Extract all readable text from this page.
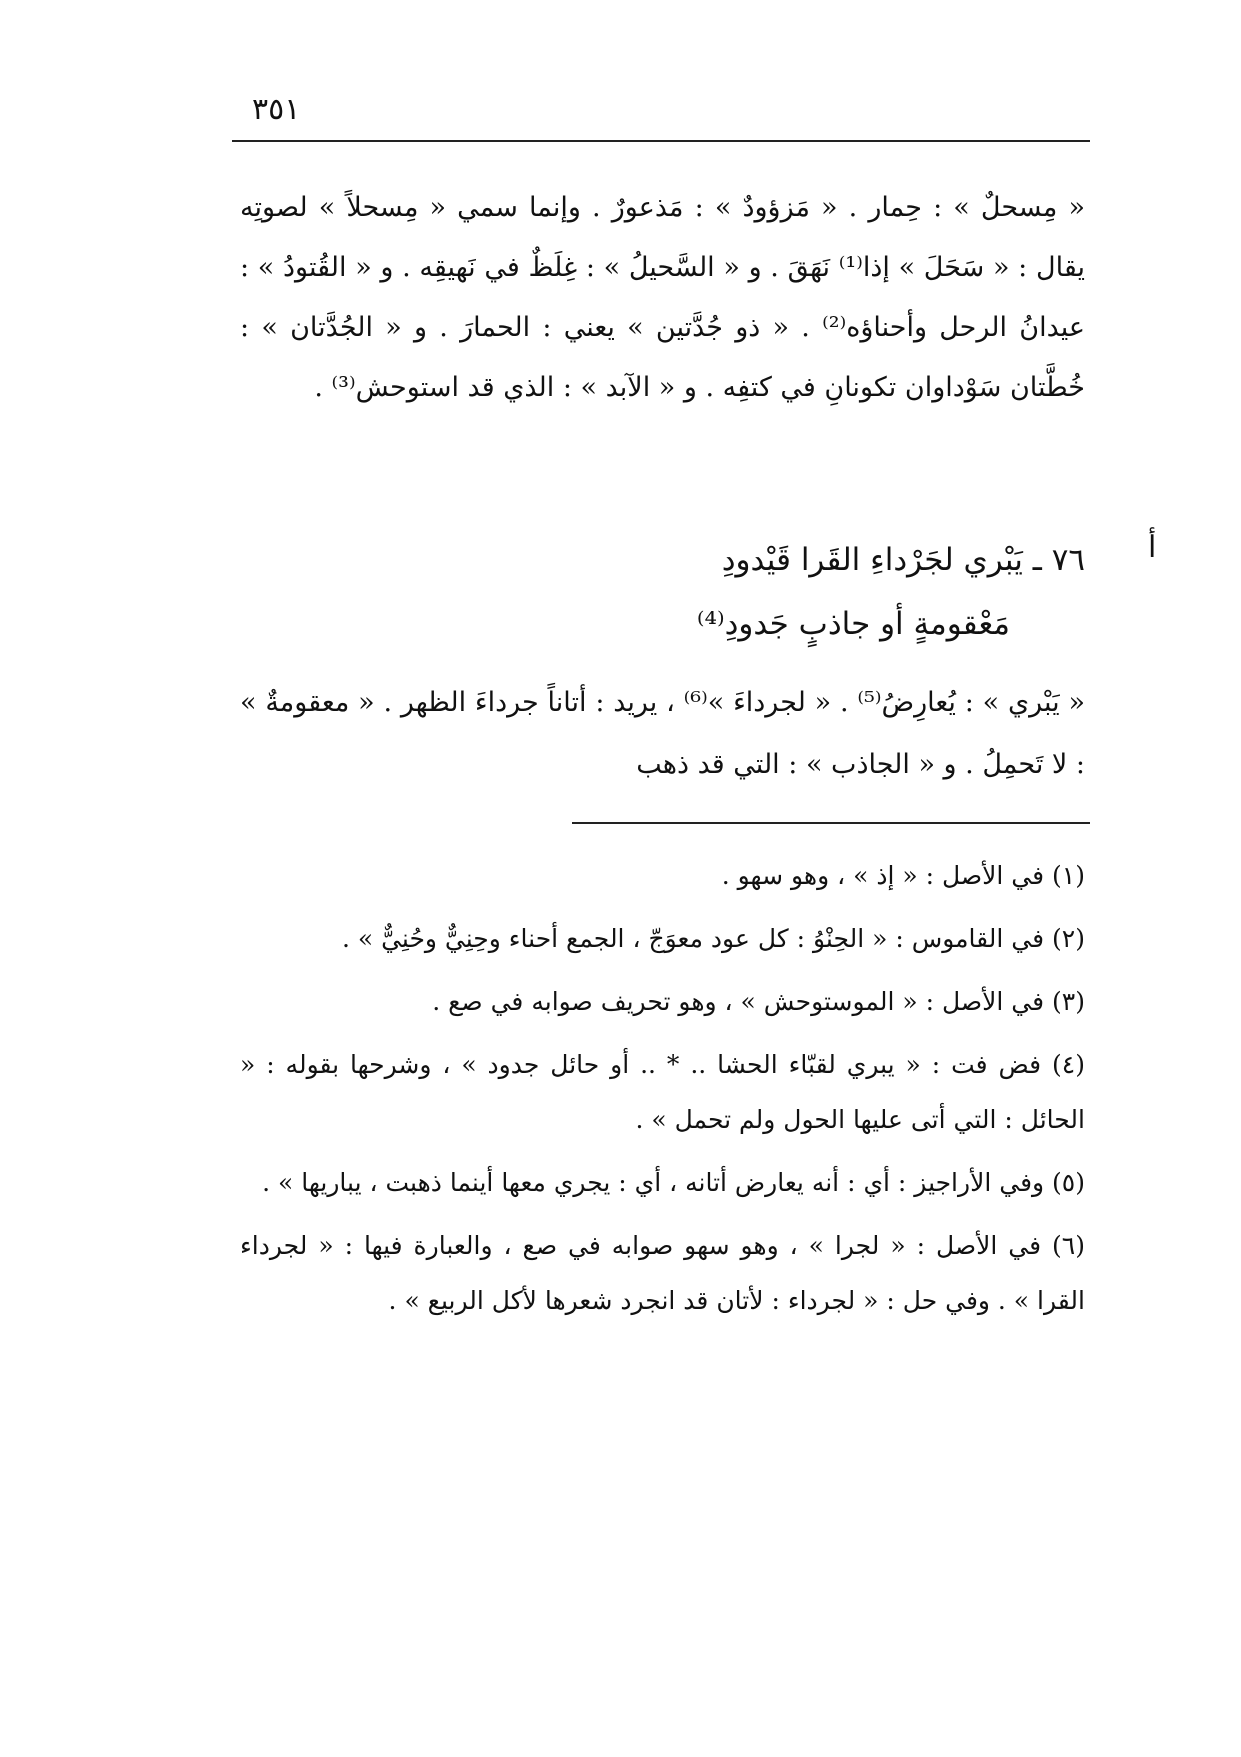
٣٥١

« مِسحلٌ » : حِمار . « مَزؤودٌ » : مَذعورٌ . وإنما سمي « مِسحلاً » لصوتِه يقال : « سَحَلَ » إذا⁽¹⁾ نَهَقَ . و « السَّحيلُ » : غِلَظٌ في نَهيقِه . و « القُتودُ » : عيدانُ الرحل وأحناؤه⁽²⁾ . « ذو جُدَّتين » يعني : الحمارَ . و « الجُدَّتان » : خُطَّتان سَوْداوان تكونانِ في كتفِه . و « الآبد » : الذي قد استوحش⁽³⁾ .

أ
٧٦ ـ يَبْري لجَرْداءِ القَرا قَيْدودِ
مَعْقومةٍ أو جاذبٍ جَدودِ⁽⁴⁾

« يَبْري » : يُعارِضُ⁽⁵⁾ . « لجرداءَ »⁽⁶⁾ ، يريد : أتاناً جرداءَ الظهر . « معقومةٌ » : لا تَحمِلُ . و « الجاذب » : التي قد ذهب

(١) في الأصل : « إذ » ، وهو سهو .

(٢) في القاموس : « الحِنْوُ : كل عود معوَجّ ، الجمع أحناء وحِنِيٌّ وحُنِيٌّ » .

(٣) في الأصل : « الموستوحش » ، وهو تحريف صوابه في صع .

(٤) فض فت : « يبري لقبّاء الحشا .. * .. أو حائل جدود » ، وشرحها بقوله : « الحائل : التي أتى عليها الحول ولم تحمل » .

(٥) وفي الأراجيز : أي : أنه يعارض أتانه ، أي : يجري معها أينما ذهبت ، يباريها » .

(٦) في الأصل : « لجرا » ، وهو سهو صوابه في صع ، والعبارة فيها : « لجرداء القرا » . وفي حل : « لجرداء : لأتان قد انجرد شعرها لأكل الربيع » .
